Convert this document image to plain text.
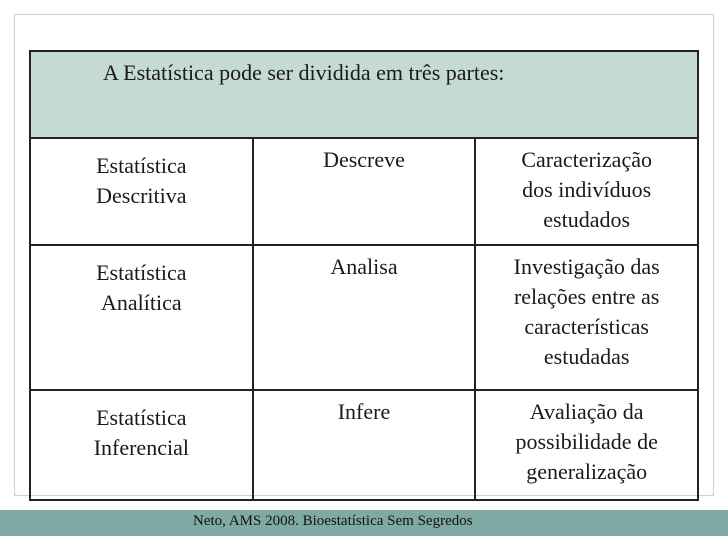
A Estatística pode ser dividida em três partes:		

Estatística
Descritiva	Descreve	Caracterização
dos indivíduos
estudados

Estatística
Analítica	Analisa	Investigação das
relações entre as
características
estudadas

Estatística
Inferencial	Infere	Avaliação da
possibilidade de
generalização
Neto, AMS 2008. Bioestatística Sem Segredos
